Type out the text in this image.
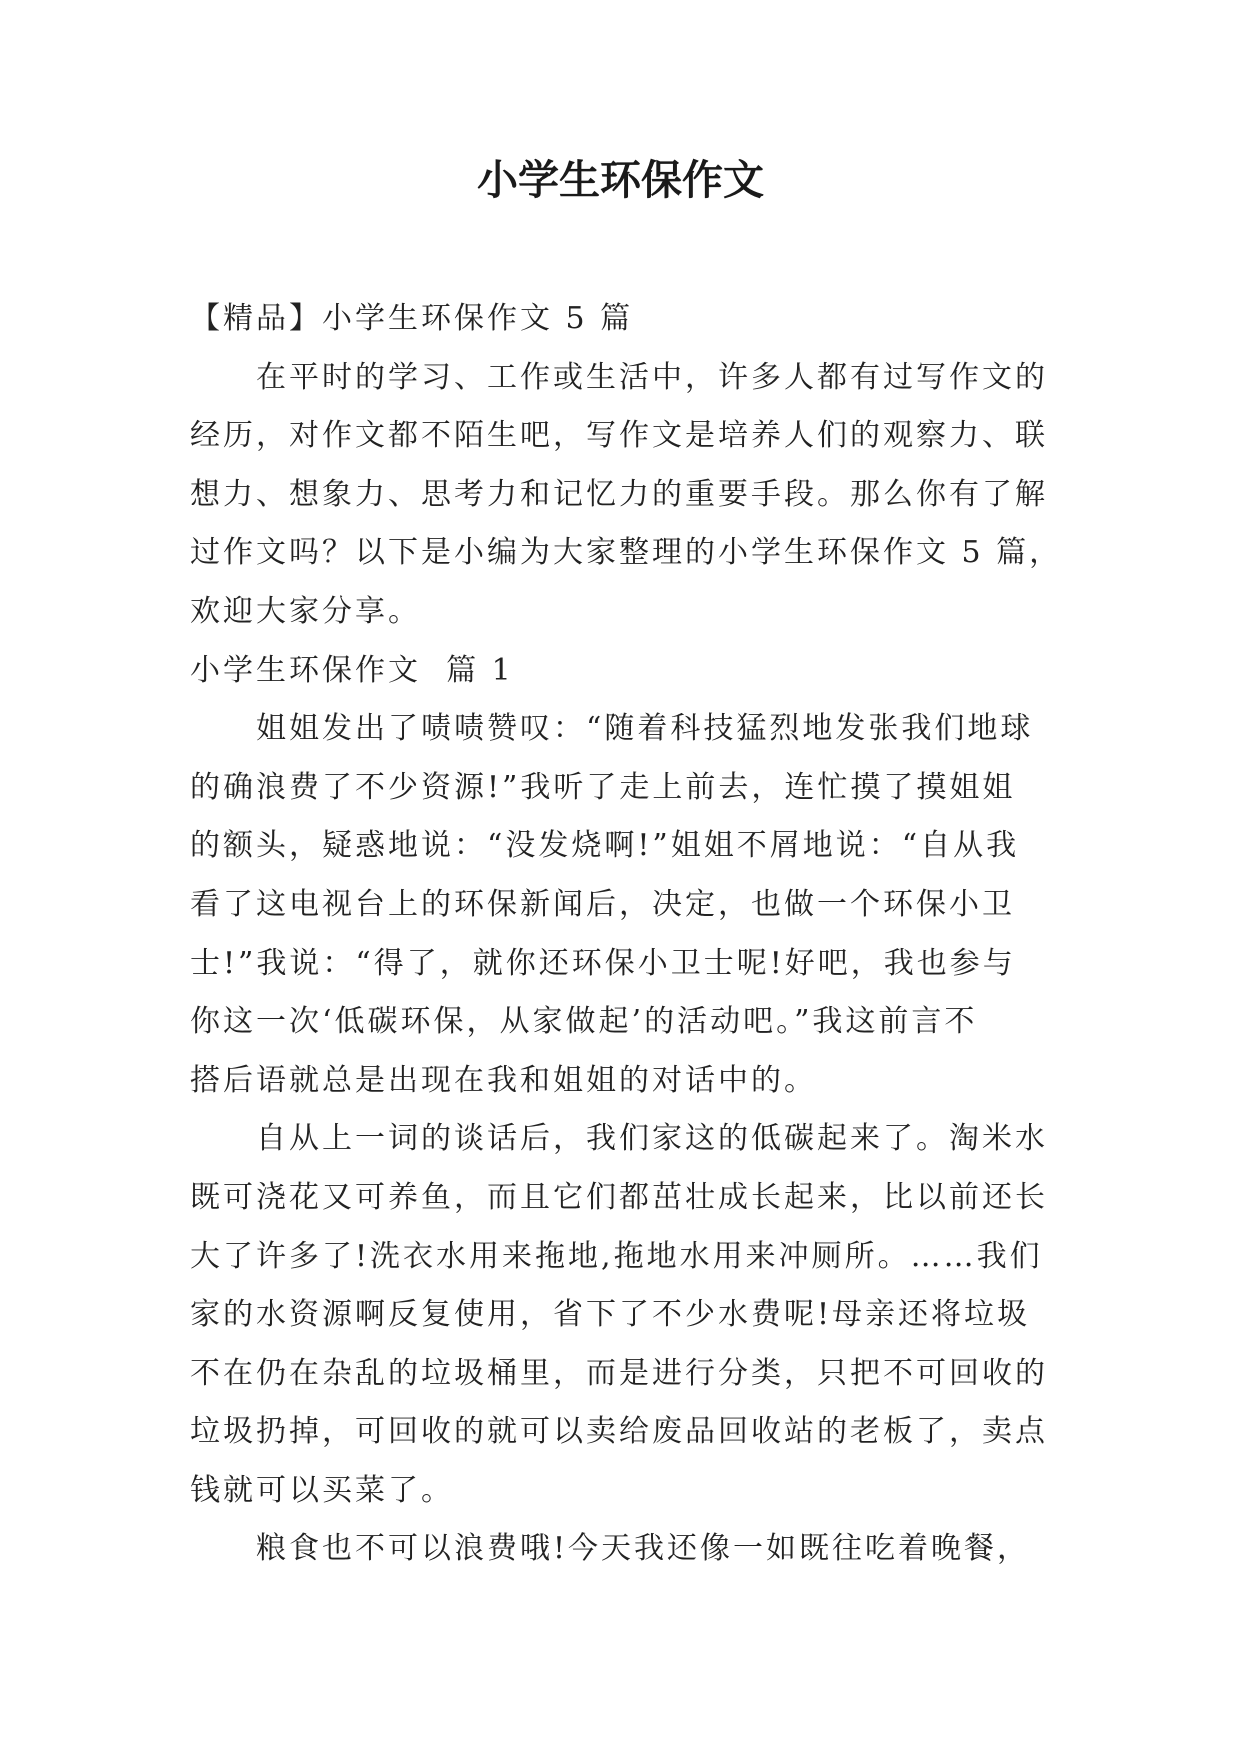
小学生环保作文

【精品】小学生环保作文 5 篇

在平时的学习、工作或生活中，许多人都有过写作文的

经历，对作文都不陌生吧，写作文是培养人们的观察力、联

想力、想象力、思考力和记忆力的重要手段。那么你有了解

过作文吗？以下是小编为大家整理的小学生环保作文 5 篇，

欢迎大家分享。

小学生环保作文  篇 1

姐姐发出了啧啧赞叹：“随着科技猛烈地发张我们地球

的确浪费了不少资源!”我听了走上前去，连忙摸了摸姐姐

的额头，疑惑地说：“没发烧啊!”姐姐不屑地说：“自从我

看了这电视台上的环保新闻后，决定，也做一个环保小卫

士!”我说：“得了，就你还环保小卫士呢!好吧，我也参与

你这一次‘低碳环保，从家做起’的活动吧。”我这前言不

搭后语就总是出现在我和姐姐的对话中的。

自从上一词的谈话后，我们家这的低碳起来了。淘米水

既可浇花又可养鱼，而且它们都茁壮成长起来，比以前还长

大了许多了!洗衣水用来拖地,拖地水用来冲厕所。……我们

家的水资源啊反复使用，省下了不少水费呢!母亲还将垃圾

不在仍在杂乱的垃圾桶里，而是进行分类，只把不可回收的

垃圾扔掉，可回收的就可以卖给废品回收站的老板了，卖点

钱就可以买菜了。

粮食也不可以浪费哦!今天我还像一如既往吃着晚餐，
